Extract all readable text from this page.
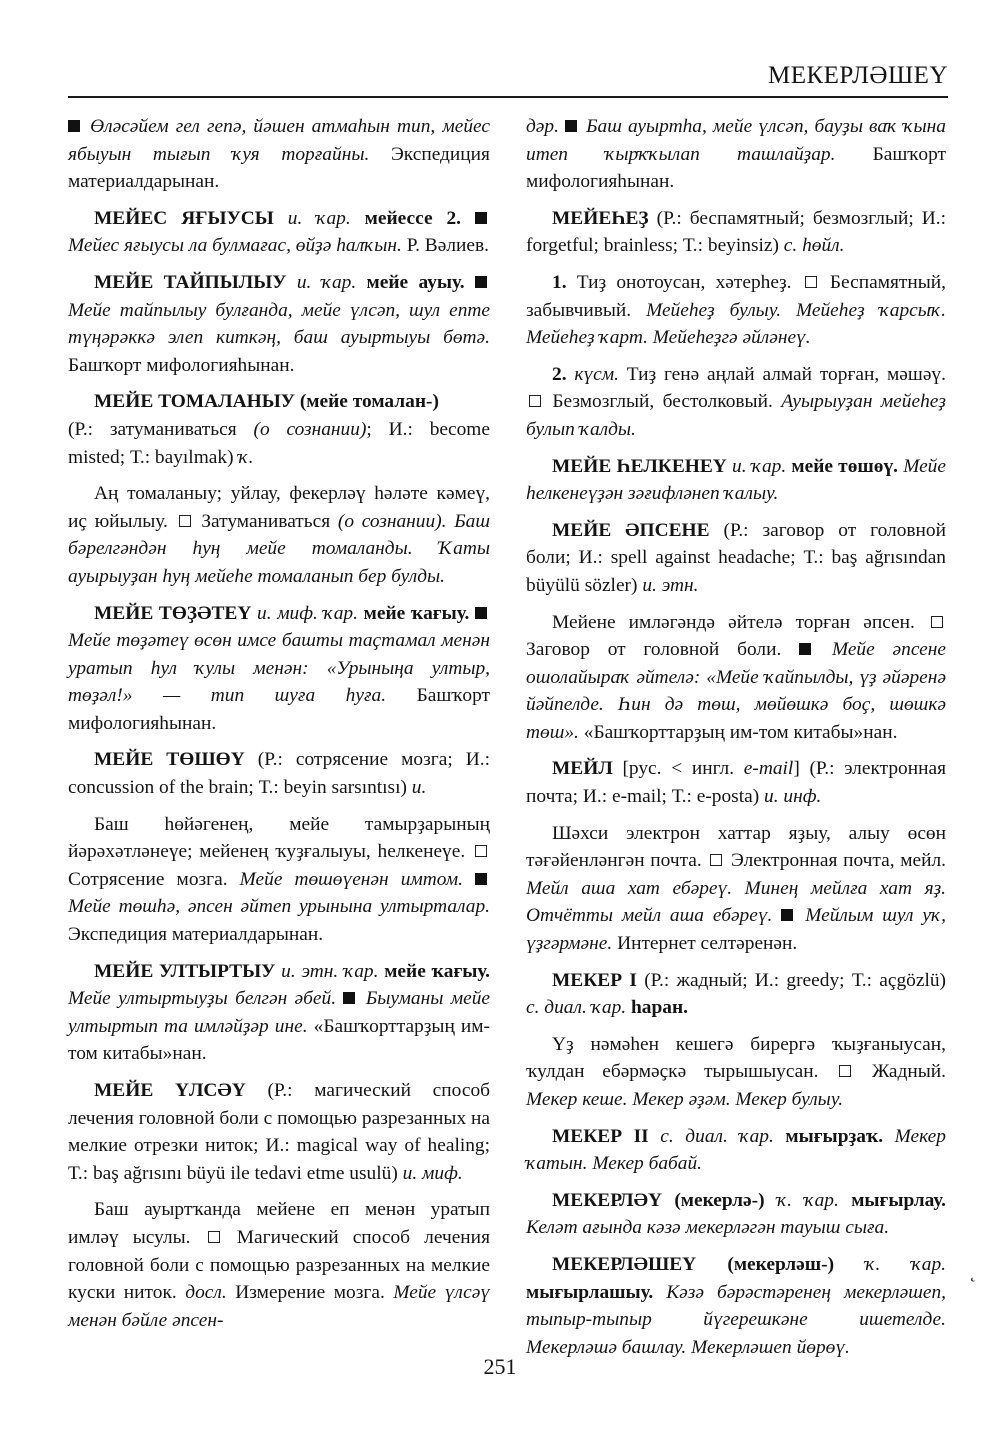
МЕКЕРЛӘШЕҮ

Өләсәйем гел гenә, йәшен атмаһын тип, мейес ябыуын тығып ҡуя торғайны. Экспедиция материалдарынан.

МЕЙЕС ЯҒЫУСЫ и. ҡар. мейессе 2.  Мейес яғыусы ла булмағас, өйҙә һалҡын. Р. Вәлиев.

МЕЙЕ ТАЙПЫЛЫУ и. ҡар. мейе ауыу.  Мейе тайпылыу булғанда, мейе үлсәп, шул епте түңәрәккә элеп киткәң, баш ауыртыуы бөтә. Башҡорт мифологияһынан.

МЕЙЕ ТОМАЛАНЫУ (мейе томалан-)
(Р.: затуманиваться (о сознании); И.: become misted; Т.: bayılmak) ҡ.

Аң томаланыу; уйлау, фекерләү һәләте кәмеү, иҫ юйылыу. Затуманиваться (о сознании). Баш бәрелгәндән һуң мейе томаланды. Ҡаты ауырыуҙан һуң мейеһе томаланып бер булды.

МЕЙЕ ТӨҘӘТЕҮ и. миф. ҡар. мейе ҡағыу.  Мейе төҙәтеү өсөн имсе башты таҫтамал менән уратып һул ҡулы менән: «Урыныңа ултыр, төҙәл!» — тип шуға һуға. Башҡорт мифологияһынан.

МЕЙЕ ТӨШӨҮ (Р.: сотрясение мозга; И.: concussion of the brain; Т.: beyin sarsıntısı) и.

Баш һөйәгенең, мейе тамырҙарының йәрәхәтләнеүе; мейенең ҡуҙғалыуы, һелкенеүе.  Сотрясение мозга. Мейе төшөүенән имтом.  Мейе төшһә, әпсен әйтеп урынына ултырталар. Экспедиция материалдарынан.

МЕЙЕ УЛТЫРТЫУ и. этн. ҡар. мейе ҡағыу. Мейе ултыртыуҙы белгән әбей. Быуманы мейе ултыртып та имләйҙәр ине. «Башҡорттарҙың им-том китабы»нан.

МЕЙЕ ҮЛСӘҮ (Р.: магический способ лечения головной боли с помощью разрезанных на мелкие отрезки ниток; И.: magical way of healing; Т.: baş ağrısını büyü ile tedavi etme usulü) и. миф.

Баш ауыртҡанда мейене еп менән уратып имләү ысулы. Магический способ лечения головной боли с помощью разрезанных на мелкие куски ниток. досл. Измерение мозга. Мейе үлсәү менән бәйле әпсен-

дәр. Баш ауыртһа, мейе үлсәп, бауҙы ваҡ ҡына итеп ҡырҡҡылап ташлайҙар. Башҡорт мифологияһынан.

МЕЙЕҺЕҘ (Р.: беспамятный; безмозглый; И.: forgetful; brainless; Т.: beyinsiz) с. һөйл.

1. Тиҙ онотоусан, хәтерһеҙ. Беспамятный, забывчивый. Мейеһеҙ булыу. Мейеһеҙ ҡарсыҡ. Мейеһеҙ ҡарт. Мейеһеҙгә әйләнеү.

2. күсм. Тиҙ генә аңлай алмай торған, мәшәү.  Безмозглый, бестолковый. Ауырыуҙан мейеһеҙ булып ҡалды.

МЕЙЕ ҺЕЛКЕНЕҮ и. ҡар. мейе төшөү. Мейе һелкенеүҙән зәғифләнеп ҡалыу.

МЕЙЕ ӘПСЕНЕ (Р.: заговор от головной боли; И.: spell against headache; Т.: baş ağrısından büyülü sözler) и. этн.

Мейене имләгәндә әйтелә торған әпсен.  Заговор от головной боли.	Мейе әпсене ошолайыраҡ әйтелә: «Мейе ҡайпылды, үҙ әйәренә йәйпелде. Һин дә төш, мөйөшкә боҫ, шөшкә төш». «Башҡорттарҙың им-том китабы»нан.

МЕЙЛ [рус. < ингл. e-mail] (Р.: электронная почта; И.: e-mail; Т.: e-posta) и. инф.

Шәхси электрон хаттар яҙыу, алыу өсөн тәғәйенләнгән почта. Электронная почта, мейл. Мейл аша хат ебәреү. Минең мейлға хат яҙ. Отчётты мейл аша ебәреү. Мейлым шул уҡ, үҙгәрмәне. Интернет селтәренән.

МЕКЕР I (Р.: жадный; И.: greedy; Т.: açgözlü) с. диал. ҡар. һаран.

Үҙ нәмәһен кешегә бирергә ҡыҙғаныусан, ҡулдан ебәрмәҫкә тырышыусан.	Жадный. Мекер кеше. Мекер әҙәм. Мекер булыу.

МЕКЕР II с. диал. ҡар. мығырҙаҡ. Мекер ҡатын. Мекер бабай.

МЕКЕРЛӘҮ (мекерлә-) ҡ. ҡар. мығырлау. Келәт ағында кәзә мекерләгән тауыш сыға.

МЕКЕРЛӘШЕҮ (мекерләш-) ҡ. ҡар. мығырлашыу. Кәзә бәрәстәренең мекерләшеп, тыпыр-тыпыр йүгерешкәне ишетелде. Мекерләшә башлау. Мекерләшеп йөрөү.

˛
251
